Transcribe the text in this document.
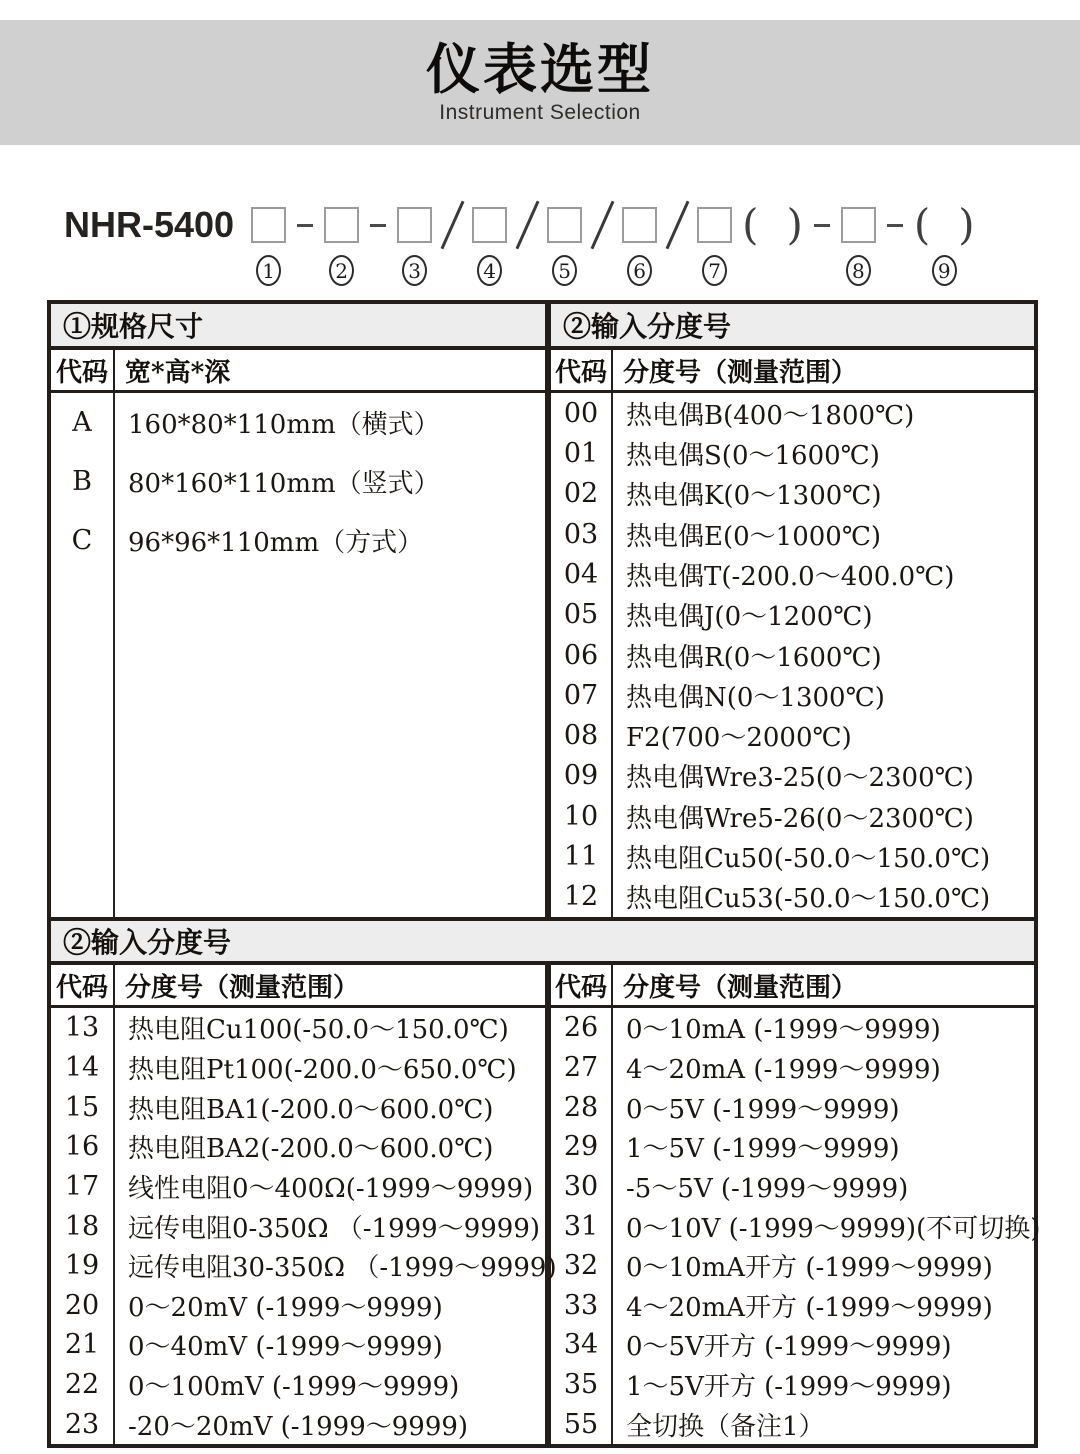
仪表选型
Instrument Selection
NHR-5400
1	2	3	4	5	6	7
( )
8
( )
9
①规格尺寸	②输入分度号
代码 宽*高*深	代码 分度号（测量范围）
A	160*80*110mm（横式）
B	80*160*110mm（竖式）
C	96*96*110mm（方式）
00	热电偶B(400～1800℃)
01	热电偶S(0～1600℃)
02	热电偶K(0～1300℃)
03	热电偶E(0～1000℃)
04	热电偶T(-200.0～400.0℃)
05	热电偶J(0～1200℃)
06	热电偶R(0～1600℃)
07	热电偶N(0～1300℃)
08	F2(700～2000℃)
09	热电偶Wre3-25(0～2300℃)
10	热电偶Wre5-26(0～2300℃)
11	热电阻Cu50(-50.0～150.0℃)
12	热电阻Cu53(-50.0～150.0℃)
②输入分度号
代码 分度号（测量范围）	代码 分度号（测量范围）
13	热电阻Cu100(-50.0～150.0℃)
14	热电阻Pt100(-200.0～650.0℃)
15	热电阻BA1(-200.0～600.0℃)
16	热电阻BA2(-200.0～600.0℃)
17	线性电阻0～400Ω(-1999～9999)
18	远传电阻0-350Ω （-1999～9999)
19	远传电阻30-350Ω （-1999～9999)
20	0～20mV (-1999～9999)
21	0～40mV (-1999～9999)
22	0～100mV (-1999～9999)
23	-20～20mV (-1999～9999)
26	0～10mA (-1999～9999)
27	4～20mA (-1999～9999)
28	0～5V (-1999～9999)
29	1～5V (-1999～9999)
30	-5～5V (-1999～9999)
31	0～10V (-1999～9999)(不可切换)
32	0～10mA开方 (-1999～9999)
33	4～20mA开方 (-1999～9999)
34	0～5V开方 (-1999～9999)
35	1～5V开方 (-1999～9999)
55	全切换（备注1）
